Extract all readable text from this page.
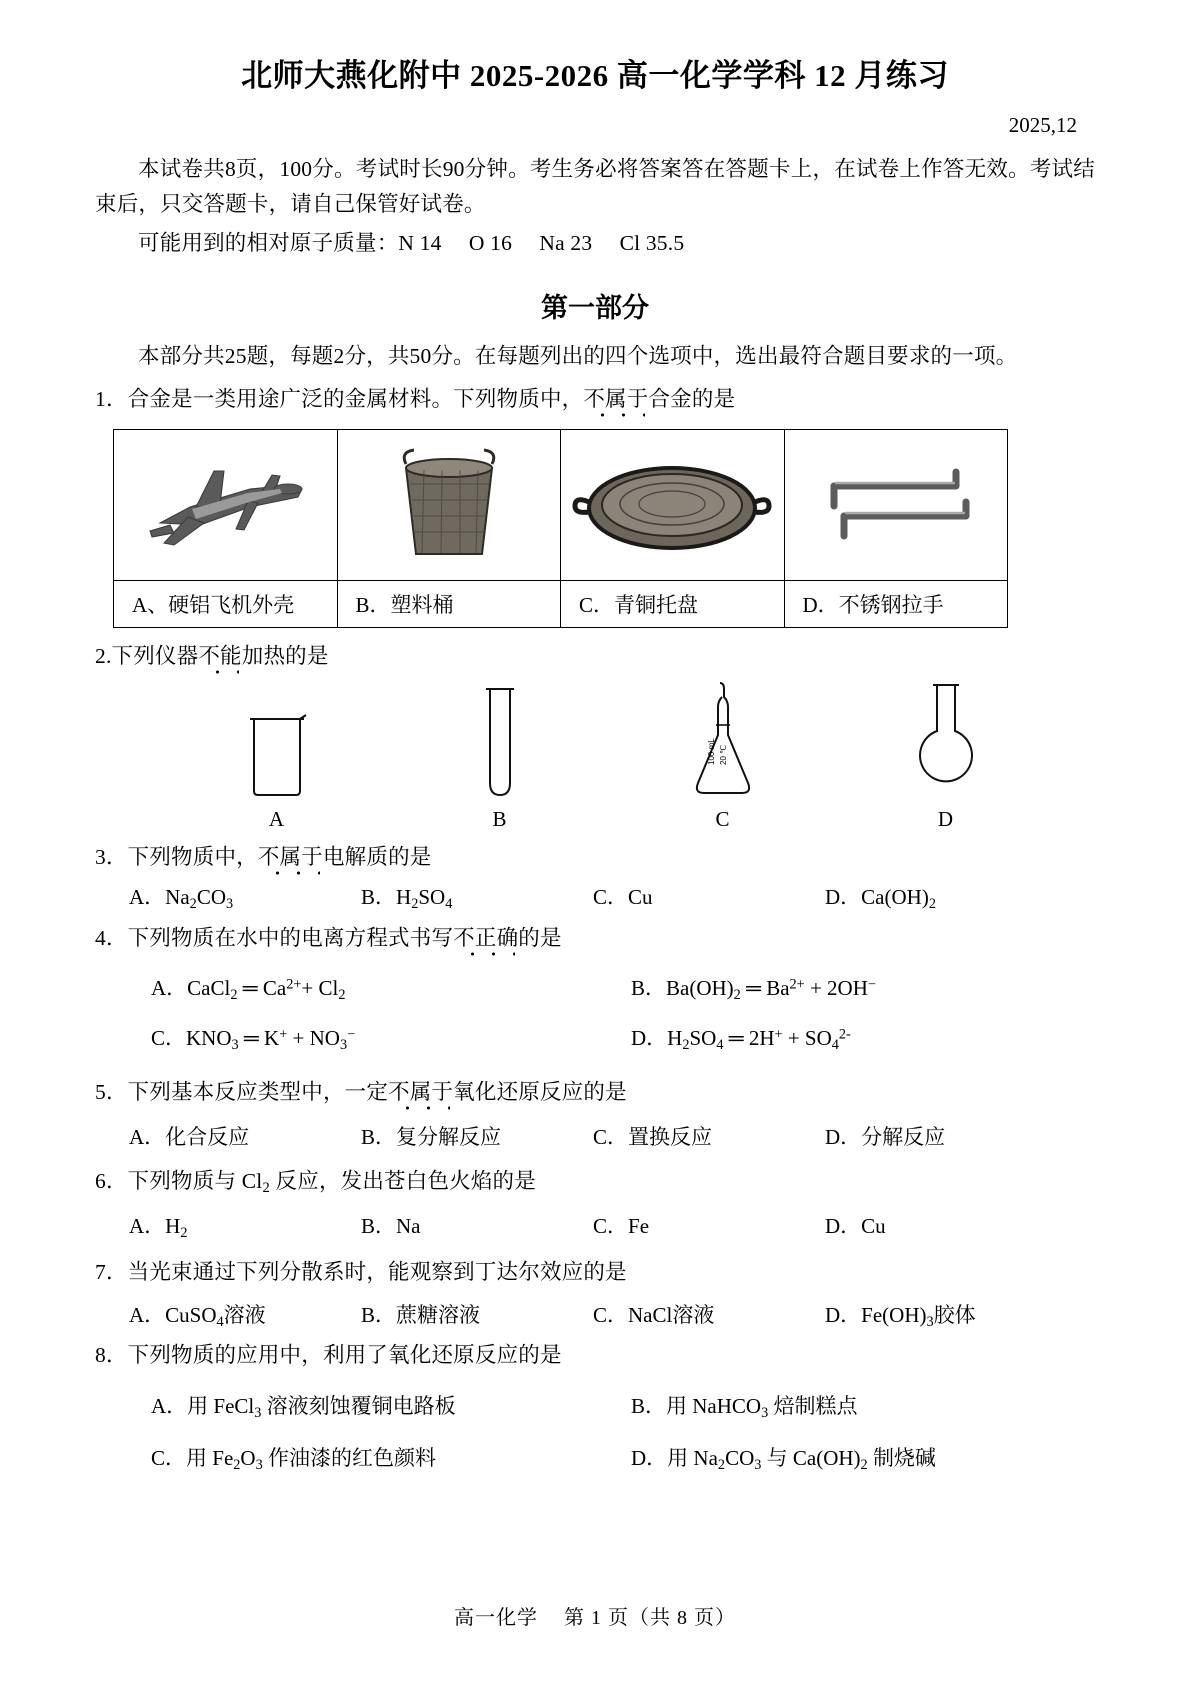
北师大燕化附中 2025-2026 高一化学学科 12 月练习
2025,12
本试卷共8页，100分。考试时长90分钟。考生务必将答案答在答题卡上，在试卷上作答无效。考试结束后，只交答题卡，请自己保管好试卷。
可能用到的相对原子质量：N 14  O 16  Na 23  Cl 35.5
第一部分
本部分共25题，每题2分，共50分。在每题列出的四个选项中，选出最符合题目要求的一项。
1．合金是一类用途广泛的金属材料。下列物质中，不属于合金的是

A、硬铝飞机外壳	B．塑料桶	C．青铜托盘	D．不锈钢拉手
2.下列仪器不能加热的是
A	B
100 mL 20 ℃
C	D
3．下列物质中，不属于电解质的是
A．$Na_2CO_3$	B．$H_2SO_4$	C．Cu	D．$Ca(OH)_2$
4．下列物质在水中的电离方程式书写不正确的是
A．CaCl$_2$ ═ $Ca^{2+}+ Cl_2$	B．$Ba(OH)_2$ ═ $Ba^{2+} + 2OH^-$
C．$KNO_3$ ═ $K^+ + NO_3^-$	D．$H_2SO_4$ ═ $2H^+ + SO_4^{2-}$
5．下列基本反应类型中，一定不属于氧化还原反应的是
A．化合反应	B．复分解反应	C．置换反应	D．分解反应
6．下列物质与 $Cl_2$ 反应，发出苍白色火焰的是
A．$H_2$	B．Na	C．Fe	D．Cu
7．当光束通过下列分散系时，能观察到丁达尔效应的是
A．CuSO$_4$溶液	B．蔗糖溶液	C．NaCl溶液	D．$Fe(OH)_3$胶体
8．下列物质的应用中，利用了氧化还原反应的是
A．用 FeCl$_3$ 溶液刻蚀覆铜电路板	B．用 NaHCO$_3$ 焙制糕点
C．用 $Fe_2O_3$ 作油漆的红色颜料	D．用 $Na_2CO_3$ 与 $Ca(OH)_2$ 制烧碱
高一化学 第 1 页（共 8 页）
